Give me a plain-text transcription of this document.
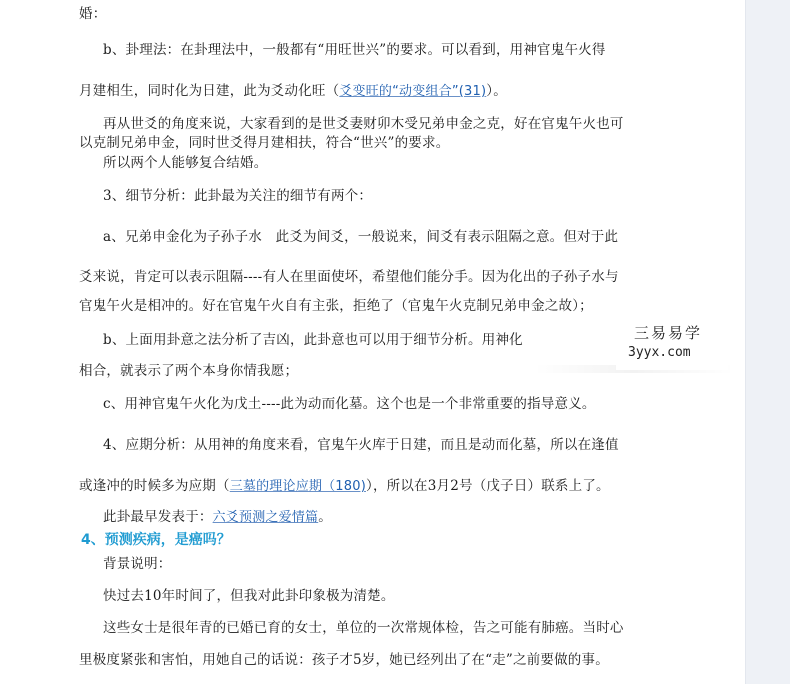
婚：
b、卦理法：在卦理法中，一般都有“用旺世兴”的要求。可以看到，用神官鬼午火得
月建相生，同时化为日建，此为爻动化旺（爻变旺的“动变组合”(31)）。
再从世爻的角度来说，大家看到的是世爻妻财卯木受兄弟申金之克，好在官鬼午火也可
以克制兄弟申金，同时世爻得月建相扶，符合“世兴”的要求。
所以两个人能够复合结婚。
3、细节分析：此卦最为关注的细节有两个：
a、兄弟申金化为子孙子水　此爻为间爻，一般说来，间爻有表示阻隔之意。但对于此
爻来说，肯定可以表示阻隔----有人在里面使坏，希望他们能分手。因为化出的子孙子水与
官鬼午火是相冲的。好在官鬼午火自有主张，拒绝了（官鬼午火克制兄弟申金之故）；
b、上面用卦意之法分析了吉凶，此卦意也可以用于细节分析。用神化
相合，就表示了两个本身你情我愿；
c、用神官鬼午火化为戊土----此为动而化墓。这个也是一个非常重要的指导意义。
4、应期分析：从用神的角度来看，官鬼午火库于日建，而且是动而化墓，所以在逢值
或逢冲的时候多为应期（三墓的理论应期（180)），所以在3月2号（戊子日）联系上了。
此卦最早发表于：六爻预测之爱情篇。
4、预测疾病，是癌吗？
背景说明：
快过去10年时间了，但我对此卦印象极为清楚。
这些女士是很年青的已婚已育的女士，单位的一次常规体检，告之可能有肺癌。当时心
里极度紧张和害怕，用她自己的话说：孩子才5岁，她已经列出了在“走”之前要做的事。
三易易学
3yyx.com
